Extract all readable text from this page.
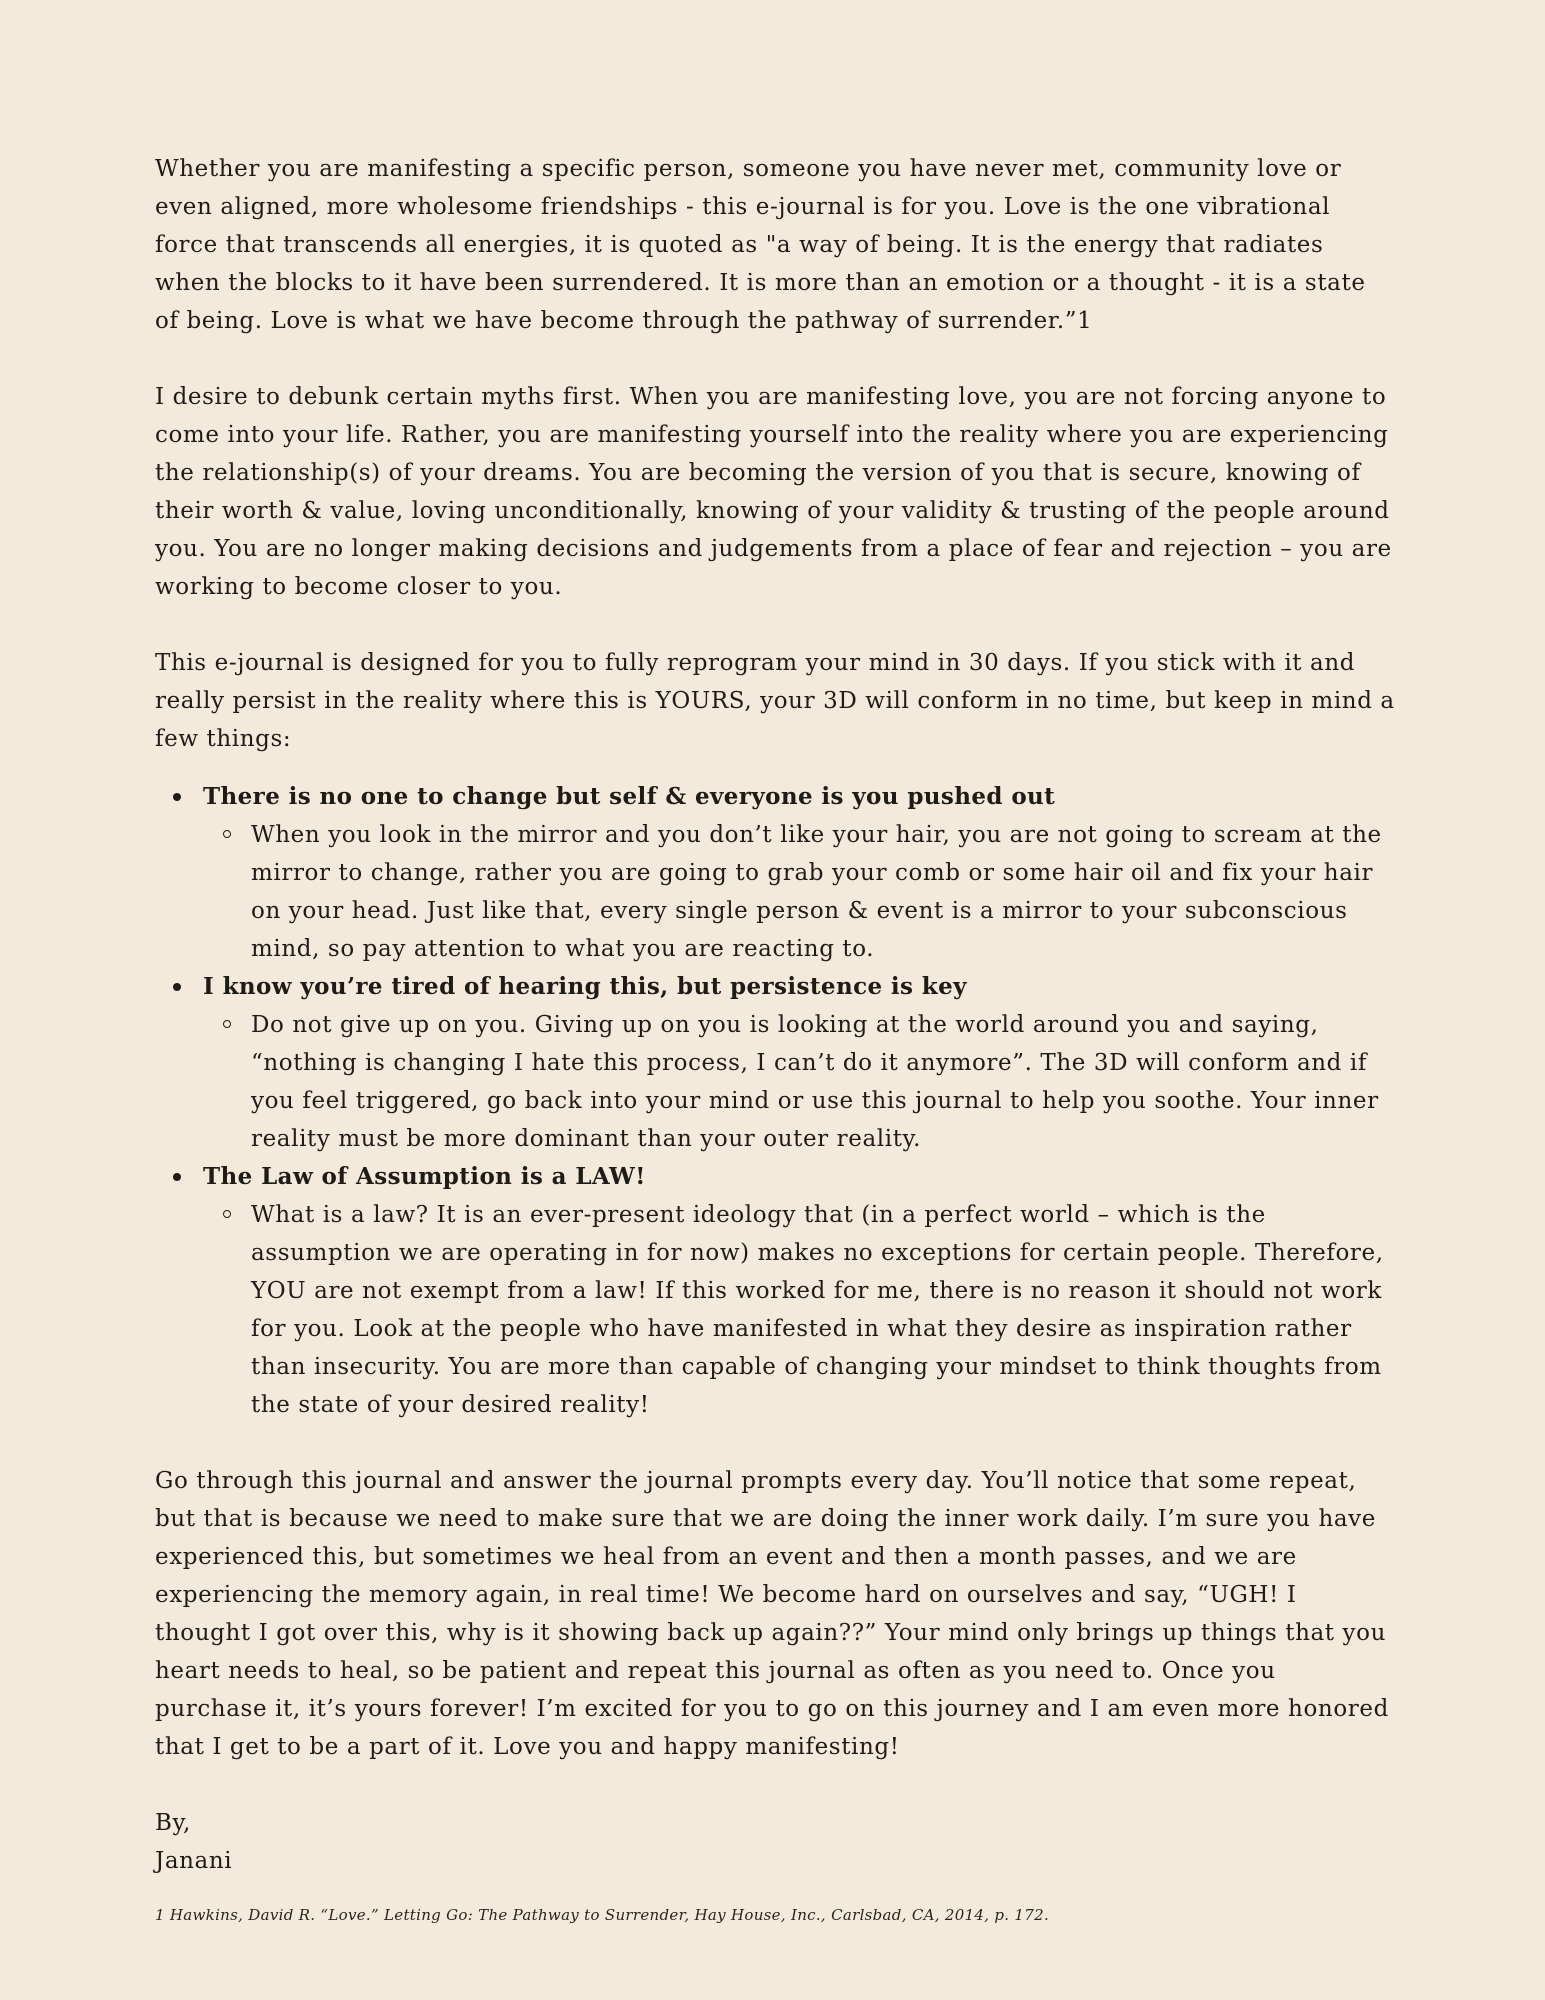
Whether you are manifesting a specific person, someone you have never met, community love or even aligned, more wholesome friendships - this e-journal is for you. Love is the one vibrational force that transcends all energies, it is quoted as "a way of being. It is the energy that radiates when the blocks to it have been surrendered. It is more than an emotion or a thought - it is a state of being. Love is what we have become through the pathway of surrender.”1

I desire to debunk certain myths first. When you are manifesting love, you are not forcing anyone to come into your life. Rather, you are manifesting yourself into the reality where you are experiencing the relationship(s) of your dreams. You are becoming the version of you that is secure, knowing of their worth & value, loving unconditionally, knowing of your validity & trusting of the people around you. You are no longer making decisions and judgements from a place of fear and rejection – you are working to become closer to you.

This e-journal is designed for you to fully reprogram your mind in 30 days. If you stick with it and really persist in the reality where this is YOURS, your 3D will conform in no time, but keep in mind a few things:

There is no one to change but self & everyone is you pushed out
When you look in the mirror and you don’t like your hair, you are not going to scream at the mirror to change, rather you are going to grab your comb or some hair oil and fix your hair on your head. Just like that, every single person & event is a mirror to your subconscious mind, so pay attention to what you are reacting to.
I know you’re tired of hearing this, but persistence is key
Do not give up on you. Giving up on you is looking at the world around you and saying, “nothing is changing I hate this process, I can’t do it anymore”. The 3D will conform and if you feel triggered, go back into your mind or use this journal to help you soothe. Your inner reality must be more dominant than your outer reality.
The Law of Assumption is a LAW!
What is a law? It is an ever-present ideology that (in a perfect world – which is the assumption we are operating in for now) makes no exceptions for certain people. Therefore, YOU are not exempt from a law! If this worked for me, there is no reason it should not work for you. Look at the people who have manifested in what they desire as inspiration rather than insecurity. You are more than capable of changing your mindset to think thoughts from the state of your desired reality!

Go through this journal and answer the journal prompts every day. You’ll notice that some repeat, but that is because we need to make sure that we are doing the inner work daily. I’m sure you have experienced this, but sometimes we heal from an event and then a month passes, and we are experiencing the memory again, in real time! We become hard on ourselves and say, “UGH! I thought I got over this, why is it showing back up again??” Your mind only brings up things that you heart needs to heal, so be patient and repeat this journal as often as you need to. Once you purchase it, it’s yours forever! I’m excited for you to go on this journey and I am even more honored that I get to be a part of it. Love you and happy manifesting!

By,

Janani

1 Hawkins, David R. “Love.” Letting Go: The Pathway to Surrender, Hay House, Inc., Carlsbad, CA, 2014, p. 172.
